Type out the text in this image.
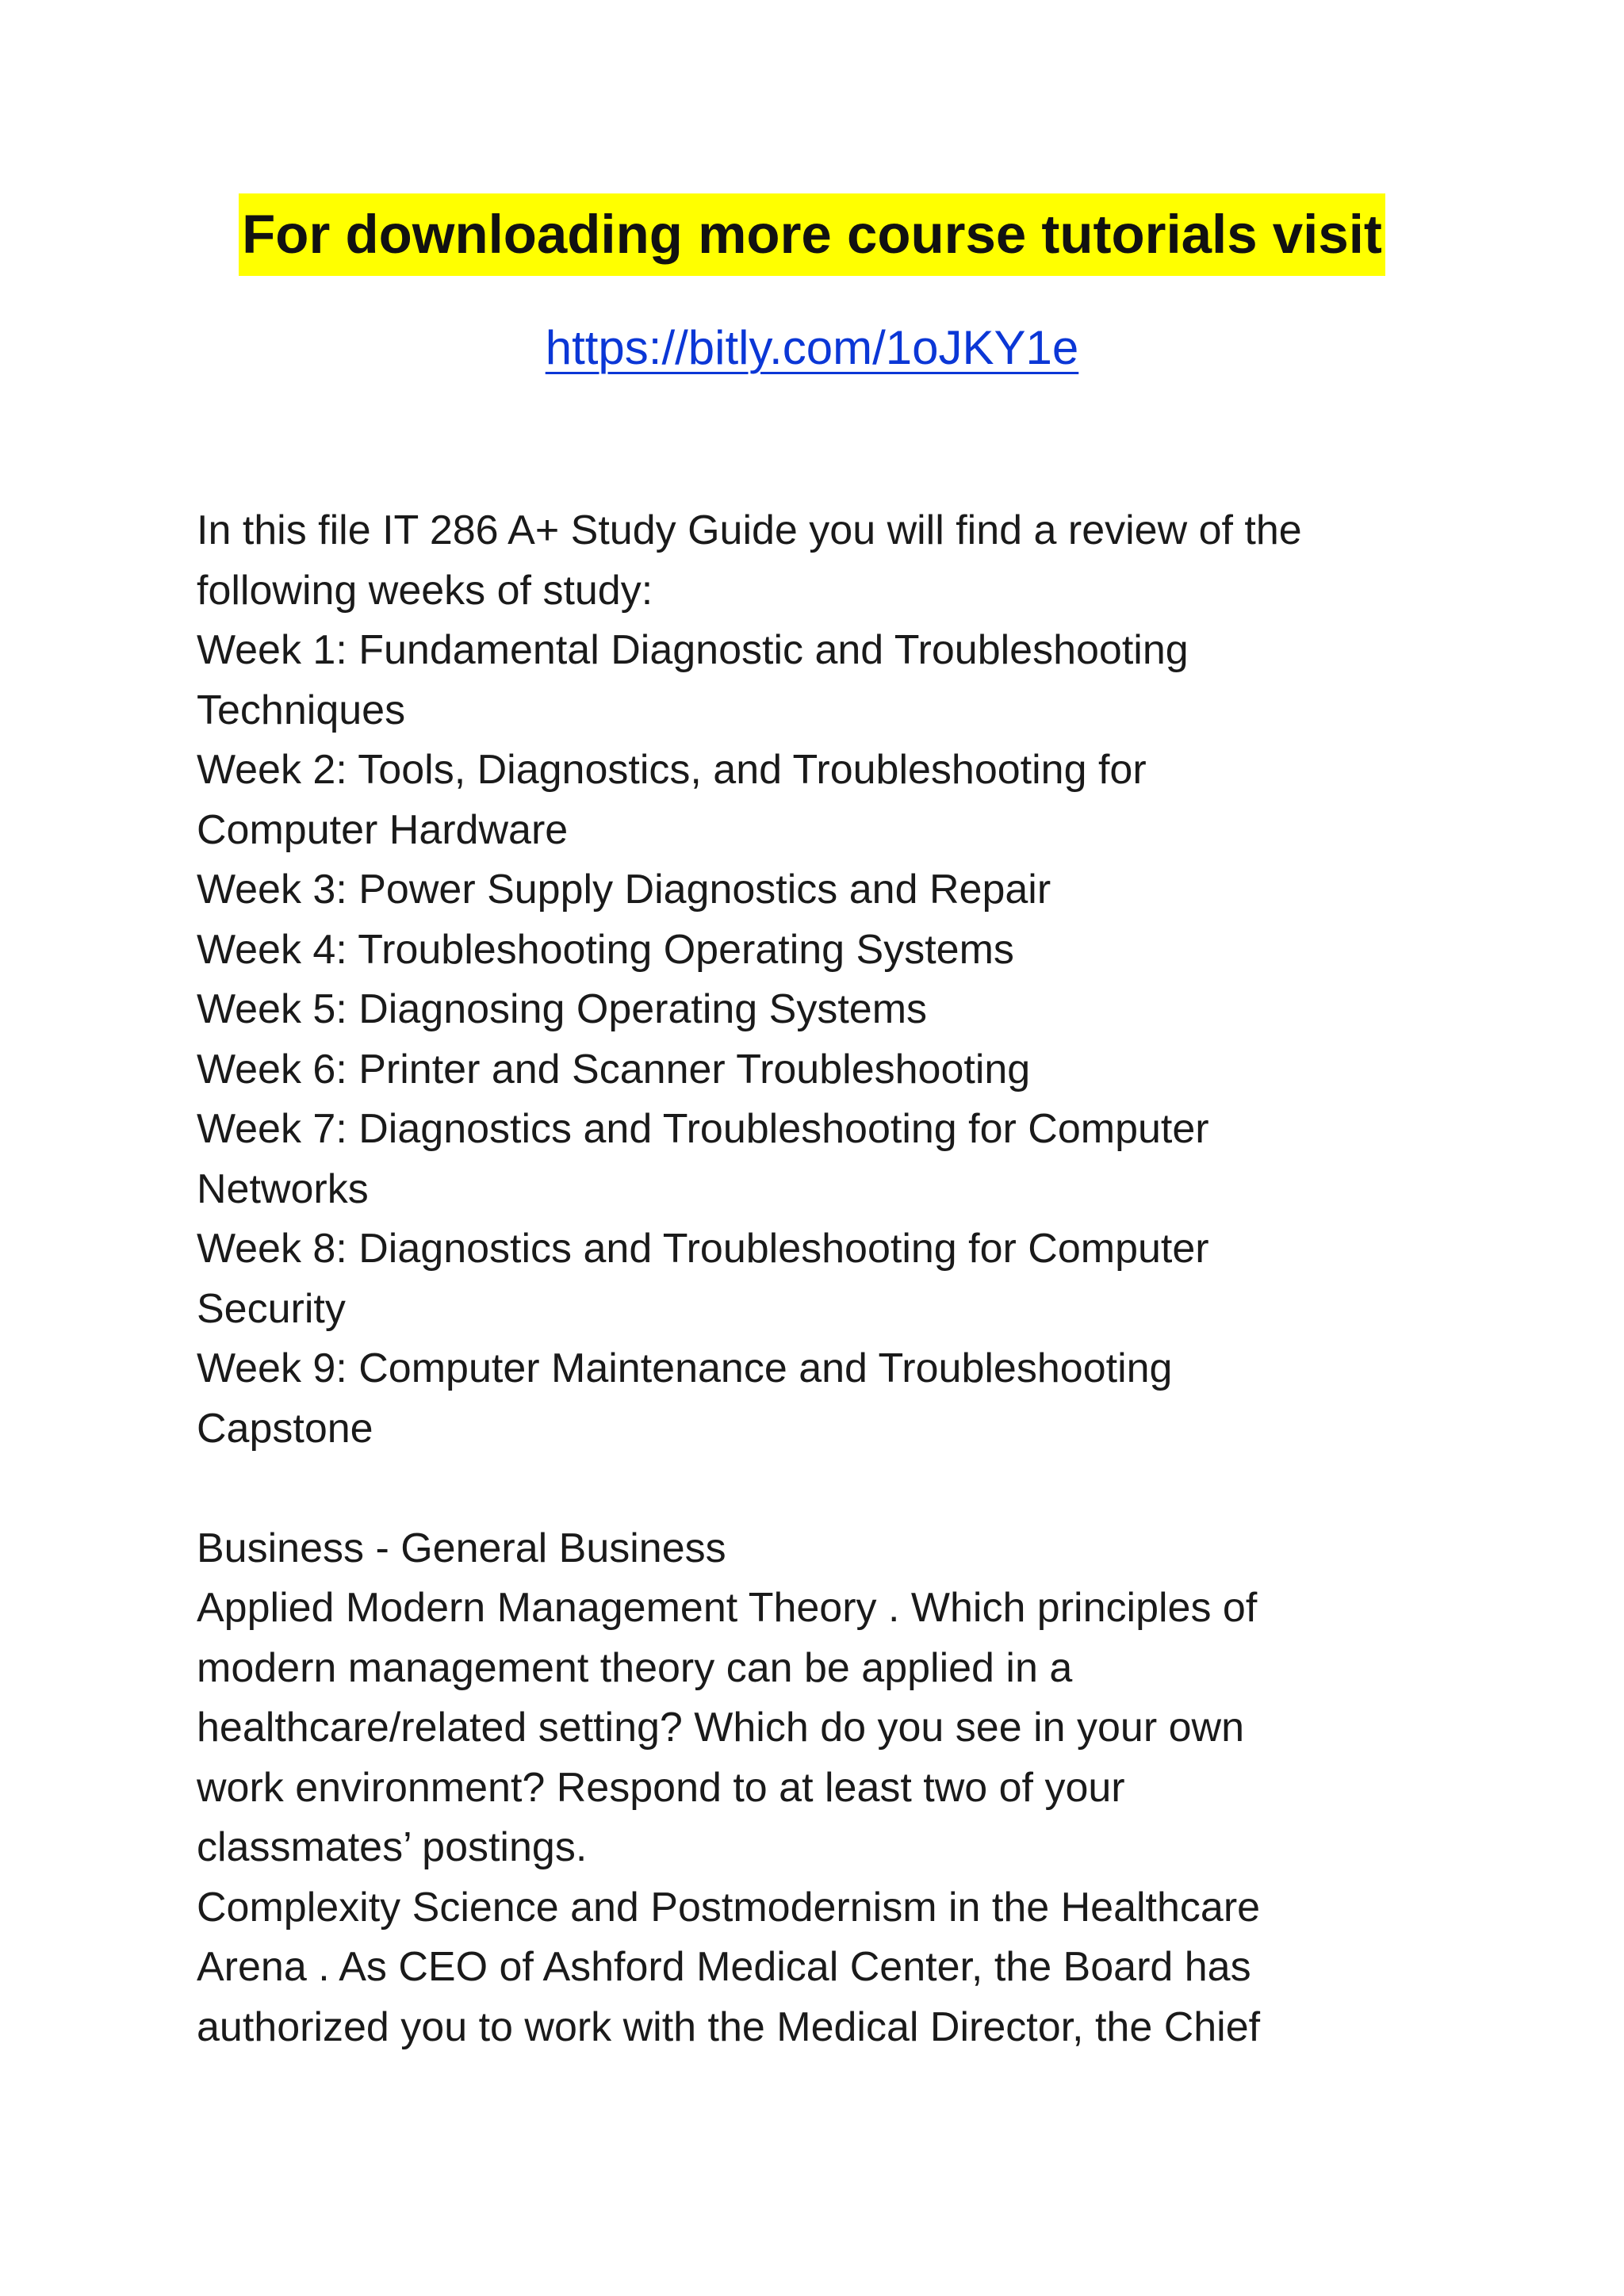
For downloading more course tutorials visit
https://bitly.com/1oJKY1e
In this file IT 286 A+ Study Guide you will find a review of the
following weeks of study:
Week 1: Fundamental Diagnostic and Troubleshooting
Techniques
Week 2: Tools, Diagnostics, and Troubleshooting for
Computer Hardware
Week 3: Power Supply Diagnostics and Repair
Week 4: Troubleshooting Operating Systems
Week 5: Diagnosing Operating Systems
Week 6: Printer and Scanner Troubleshooting
Week 7: Diagnostics and Troubleshooting for Computer
Networks
Week 8: Diagnostics and Troubleshooting for Computer
Security
Week 9: Computer Maintenance and Troubleshooting
Capstone
Business - General Business
Applied Modern Management Theory . Which principles of
modern management theory can be applied in a
healthcare/related setting? Which do you see in your own
work environment? Respond to at least two of your
classmates’ postings.
Complexity Science and Postmodernism in the Healthcare
Arena . As CEO of Ashford Medical Center, the Board has
authorized you to work with the Medical Director, the Chief
